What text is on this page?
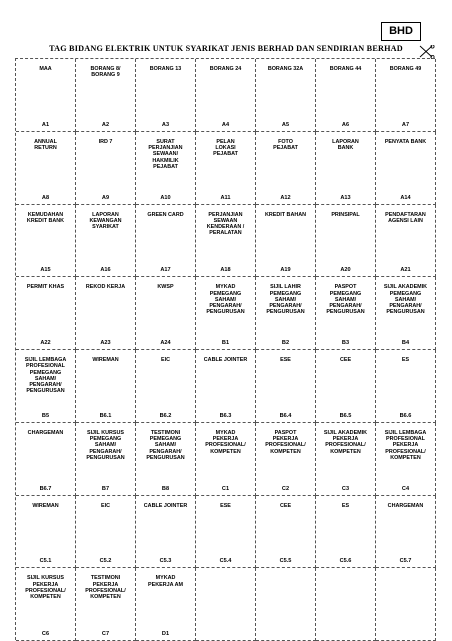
BHD
TAG BIDANG ELEKTRIK UNTUK SYARIKAT JENIS BERHAD DAN SENDIRIAN BERHAD
MAA
A1
BORANG 8/
BORANG 9
A2
BORANG 13
A3
BORANG 24
A4
BORANG 32A
A5
BORANG 44
A6
BORANG 49
A7
ANNUAL
RETURN
A8
IRD 7
A9
SURAT
PERJANJIAN
SEWAAN/
HAKMILIK
PEJABAT
A10
PELAN
LOKASI
PEJABAT
A11
FOTO
PEJABAT
A12
LAPORAN
BANK
A13
PENYATA BANK
A14
KEMUDAHAN
KREDIT BANK
A15
LAPORAN
KEWANGAN
SYARIKAT
A16
GREEN CARD
A17
PERJANJIAN
SEWAAN
KENDERAAN /
PERALATAN
A18
KREDIT BAHAN
A19
PRINSIPAL
A20
PENDAFTARAN
AGENSI LAIN
A21
PERMIT KHAS
A22
REKOD KERJA
A23
KWSP
A24
MYKAD
PEMEGANG
SAHAM/
PENGARAH/
PENGURUSAN
B1
SIJIL LAHIR
PEMEGANG
SAHAM/
PENGARAH/
PENGURUSAN
B2
PASPOT
PEMEGANG
SAHAM/
PENGARAH/
PENGURUSAN
B3
SIJIL AKADEMIK
PEMEGANG
SAHAM/
PENGARAH/
PENGURUSAN
B4
SIJIL LEMBAGA
PROFESIONAL
PEMEGANG
SAHAM/
PENGARAH/
PENGURUSAN
B5
WIREMAN
B6.1
EIC
B6.2
CABLE JOINTER
B6.3
ESE
B6.4
CEE
B6.5
ES
B6.6
CHARGEMAN
B6.7
SIJIL KURSUS
PEMEGANG
SAHAM/
PENGARAH/
PENGURUSAN
B7
TESTIMONI
PEMEGANG
SAHAM/
PENGARAH/
PENGURUSAN
B8
MYKAD
PEKERJA
PROFESIONAL/
KOMPETEN
C1
PASPOT
PEKERJA
PROFESIONAL/
KOMPETEN
C2
SIJIL AKADEMIK
PEKERJA
PROFESIONAL/
KOMPETEN
C3
SIJIL LEMBAGA
PROFESIONAL
PEKERJA
PROFESIONAL/
KOMPETEN
C4
WIREMAN
C5.1
EIC
C5.2
CABLE JOINTER
C5.3
ESE
C5.4
CEE
C5.5
ES
C5.6
CHARGEMAN
C5.7
SIJIL KURSUS
PEKERJA
PROFESIONAL/
KOMPETEN
C6
TESTIMONI
PEKERJA
PROFESIONAL/
KOMPETEN
C7
MYKAD
PEKERJA AM
D1
